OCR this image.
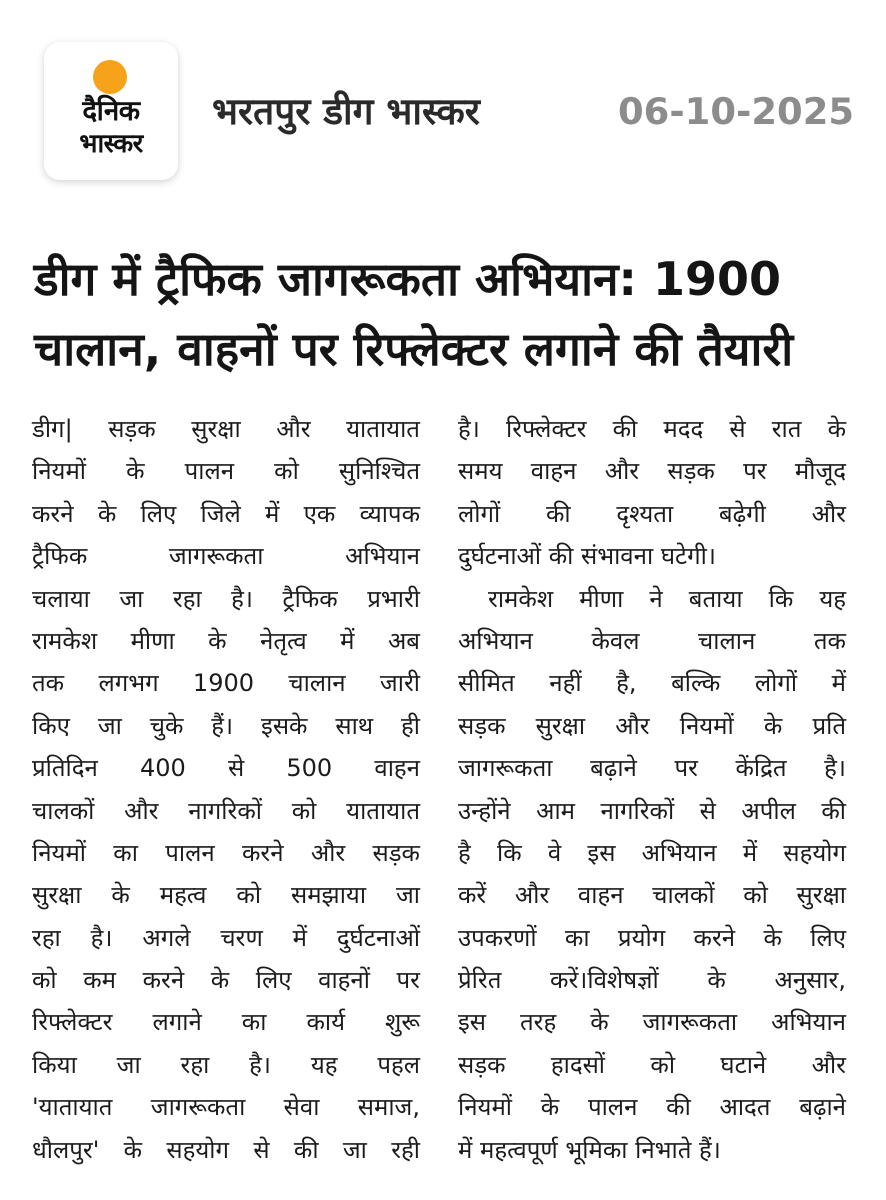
दैनिक
भास्कर
भरतपुर डीग भास्कर	06-10-2025
डीग में ट्रैफिक जागरूकता अभियान: 1900
चालान, वाहनों पर रिफ्लेक्टर लगाने की तैयारी
डीग| सड़क सुरक्षा और यातायात
नियमों के पालन को सुनिश्चित
करने के लिए जिले में एक व्यापक
ट्रैफिक जागरूकता अभियान
चलाया जा रहा है। ट्रैफिक प्रभारी
रामकेश मीणा के नेतृत्व में अब
तक लगभग 1900 चालान जारी
किए जा चुके हैं। इसके साथ ही
प्रतिदिन 400 से 500 वाहन
चालकों और नागरिकों को यातायात
नियमों का पालन करने और सड़क
सुरक्षा के महत्व को समझाया जा
रहा है। अगले चरण में दुर्घटनाओं
को कम करने के लिए वाहनों पर
रिफ्लेक्टर लगाने का कार्य शुरू
किया जा रहा है। यह पहल
'यातायात जागरूकता सेवा समाज,
धौलपुर' के सहयोग से की जा रही
है। रिफ्लेक्टर की मदद से रात के
समय वाहन और सड़क पर मौजूद
लोगों की दृश्यता बढ़ेगी और
दुर्घटनाओं की संभावना घटेगी।
रामकेश मीणा ने बताया कि यह
अभियान केवल चालान तक
सीमित नहीं है, बल्कि लोगों में
सड़क सुरक्षा और नियमों के प्रति
जागरूकता बढ़ाने पर केंद्रित है।
उन्होंने आम नागरिकों से अपील की
है कि वे इस अभियान में सहयोग
करें और वाहन चालकों को सुरक्षा
उपकरणों का प्रयोग करने के लिए
प्रेरित करें।विशेषज्ञों के अनुसार,
इस तरह के जागरूकता अभियान
सड़क हादसों को घटाने और
नियमों के पालन की आदत बढ़ाने
में महत्वपूर्ण भूमिका निभाते हैं।
